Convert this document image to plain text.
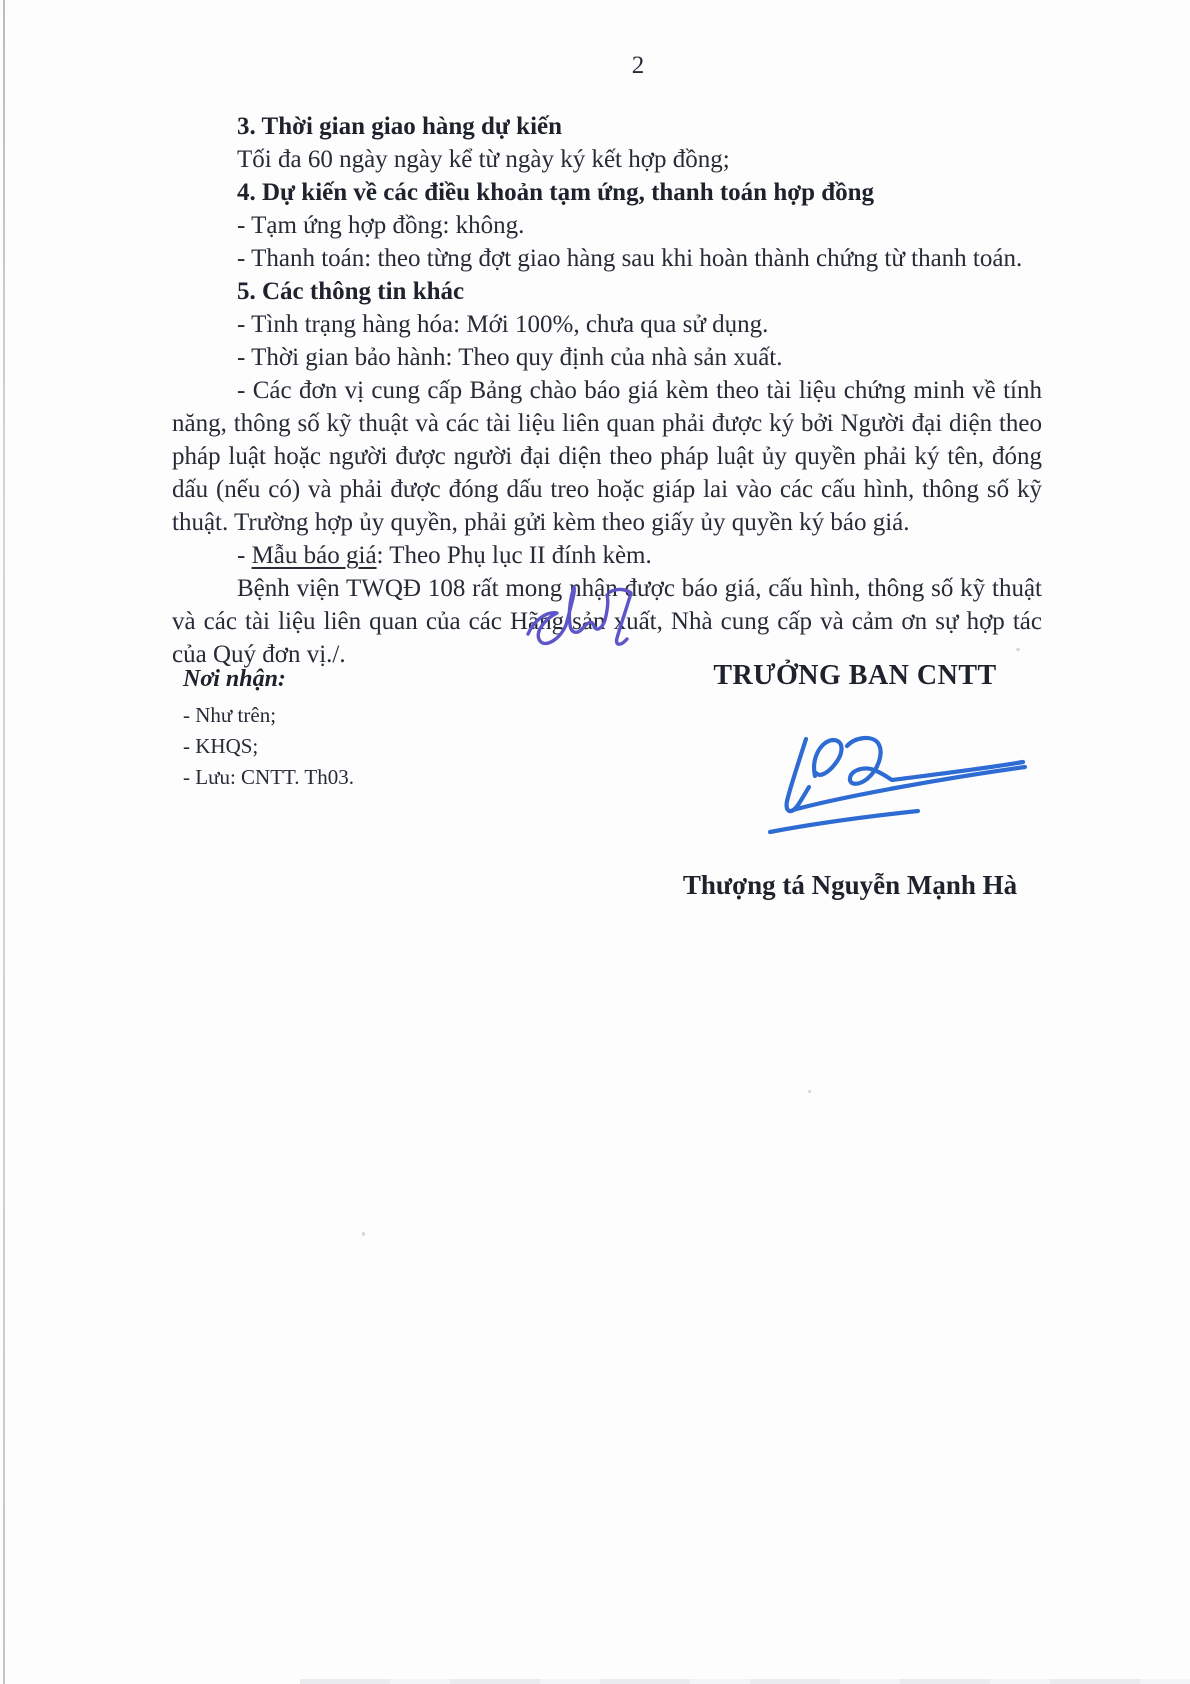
2

3. Thời gian giao hàng dự kiến

Tối đa 60 ngày ngày kể từ ngày ký kết hợp đồng;

4. Dự kiến về các điều khoản tạm ứng, thanh toán hợp đồng

- Tạm ứng hợp đồng: không.

- Thanh toán: theo từng đợt giao hàng sau khi hoàn thành chứng từ thanh toán.

5. Các thông tin khác

- Tình trạng hàng hóa: Mới 100%, chưa qua sử dụng.

- Thời gian bảo hành: Theo quy định của nhà sản xuất.

- Các đơn vị cung cấp Bảng chào báo giá kèm theo tài liệu chứng minh về tính năng, thông số kỹ thuật và các tài liệu liên quan phải được ký bởi Người đại diện theo pháp luật hoặc người được người đại diện theo pháp luật ủy quyền phải ký tên, đóng dấu (nếu có) và phải được đóng dấu treo hoặc giáp lai vào các cấu hình, thông số kỹ thuật. Trường hợp ủy quyền, phải gửi kèm theo giấy ủy quyền ký báo giá.

- Mẫu báo giá: Theo Phụ lục II đính kèm.

Bệnh viện TWQĐ 108 rất mong nhận được báo giá, cấu hình, thông số kỹ thuật và các tài liệu liên quan của các Hãng sản xuất, Nhà cung cấp và cảm ơn sự hợp tác của Quý đơn vị./.

Nơi nhận:

- Như trên;

- KHQS;

- Lưu: CNTT. Th03.

TRƯỞNG BAN CNTT
Thượng tá Nguyễn Mạnh Hà
